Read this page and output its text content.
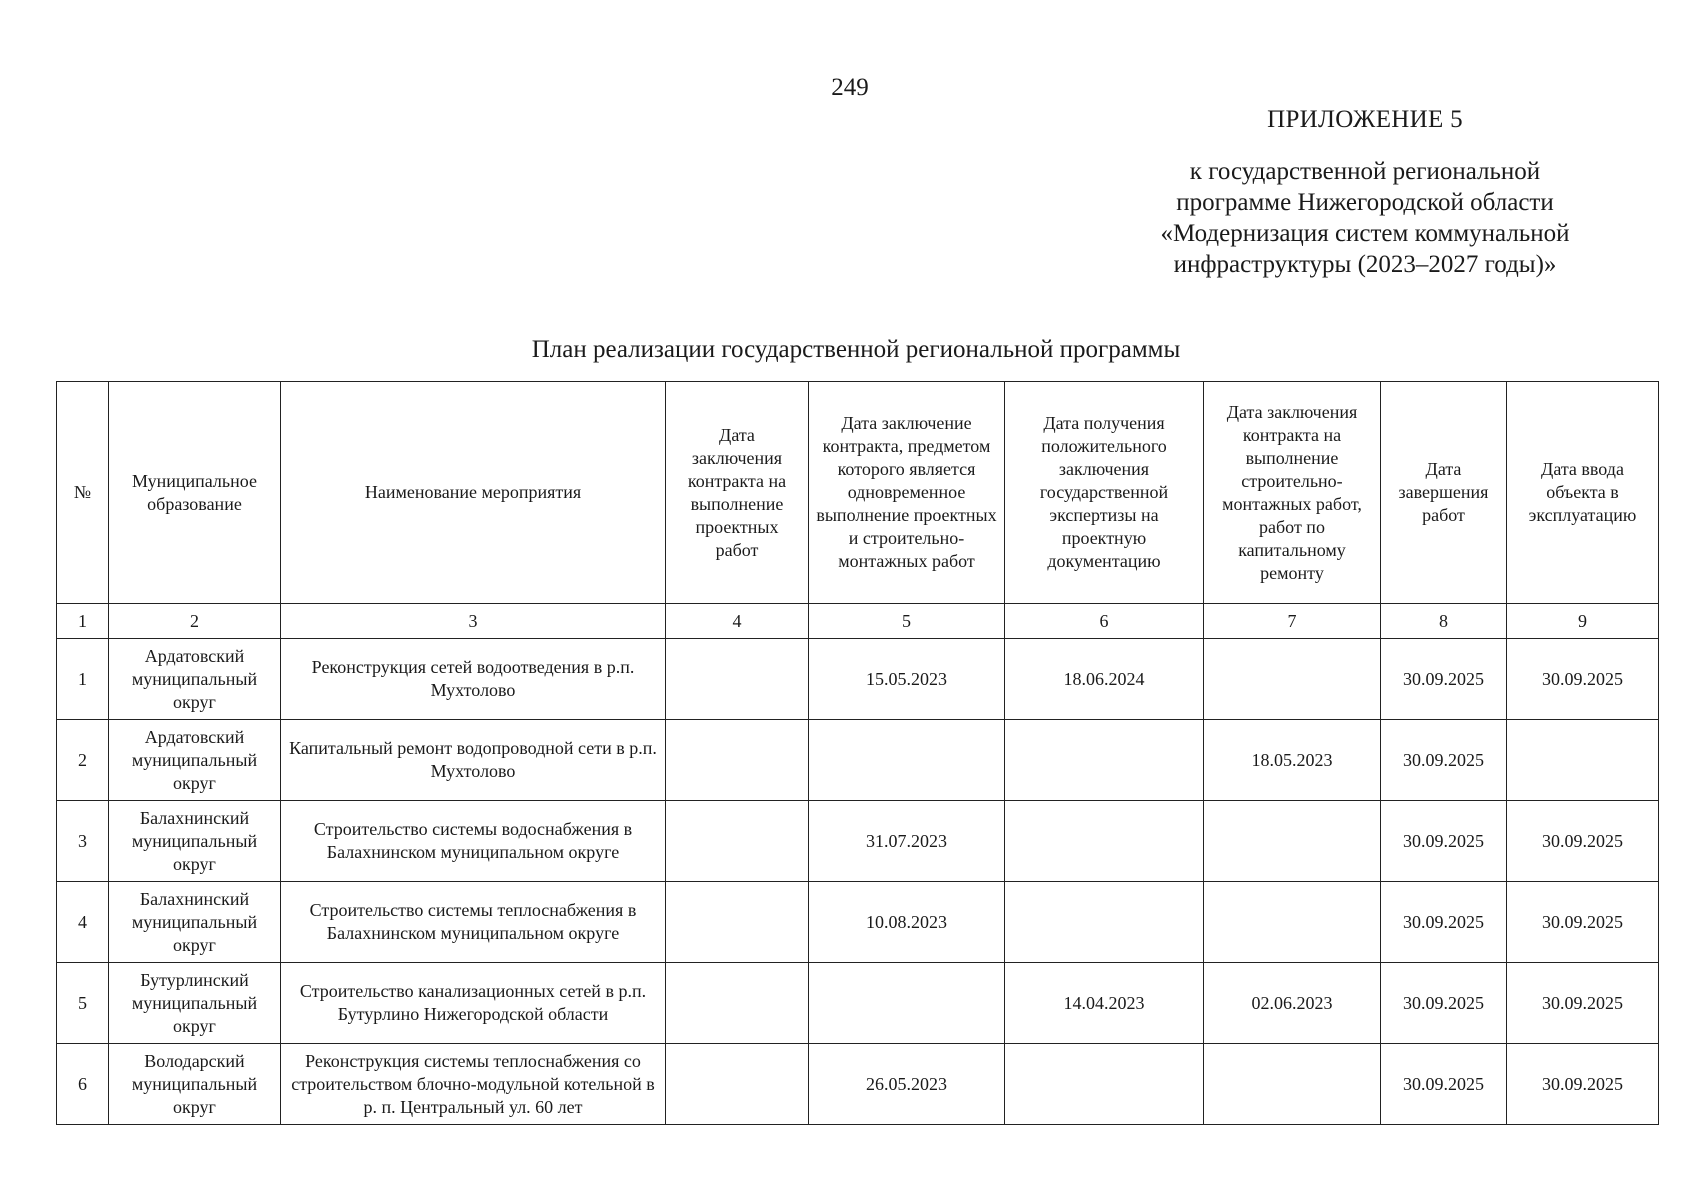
249
ПРИЛОЖЕНИЕ 5
к государственной региональной
программе Нижегородской области
«Модернизация систем коммунальной
инфраструктуры (2023–2027 годы)»
План реализации государственной региональной программы
№	Муниципальное образование	Наименование мероприятия	Дата заключения контракта на выполнение проектных работ	Дата заключение контракта, предметом которого является одновременное выполнение проектных и строительно-монтажных работ	Дата получения положительного заключения государственной экспертизы на проектную документацию	Дата заключения контракта на выполнение строительно-монтажных работ, работ по капитальному ремонту	Дата завершения работ	Дата ввода объекта в эксплуатацию
1	2	3	4	5	6	7	8	9
1	Ардатовский муниципальный округ	Реконструкция сетей водоотведения в р.п. Мухтолово		15.05.2023	18.06.2024		30.09.2025	30.09.2025
2	Ардатовский муниципальный округ	Капитальный ремонт водопроводной сети в р.п. Мухтолово				18.05.2023	30.09.2025	
3	Балахнинский муниципальный округ	Строительство системы водоснабжения в Балахнинском муниципальном округе		31.07.2023			30.09.2025	30.09.2025
4	Балахнинский муниципальный округ	Строительство системы теплоснабжения в Балахнинском муниципальном округе		10.08.2023			30.09.2025	30.09.2025
5	Бутурлинский муниципальный округ	Строительство канализационных сетей в р.п. Бутурлино Нижегородской области			14.04.2023	02.06.2023	30.09.2025	30.09.2025
6	Володарский муниципальный округ	Реконструкция системы теплоснабжения со строительством блочно-модульной котельной в р. п. Центральный ул. 60 лет		26.05.2023			30.09.2025	30.09.2025
